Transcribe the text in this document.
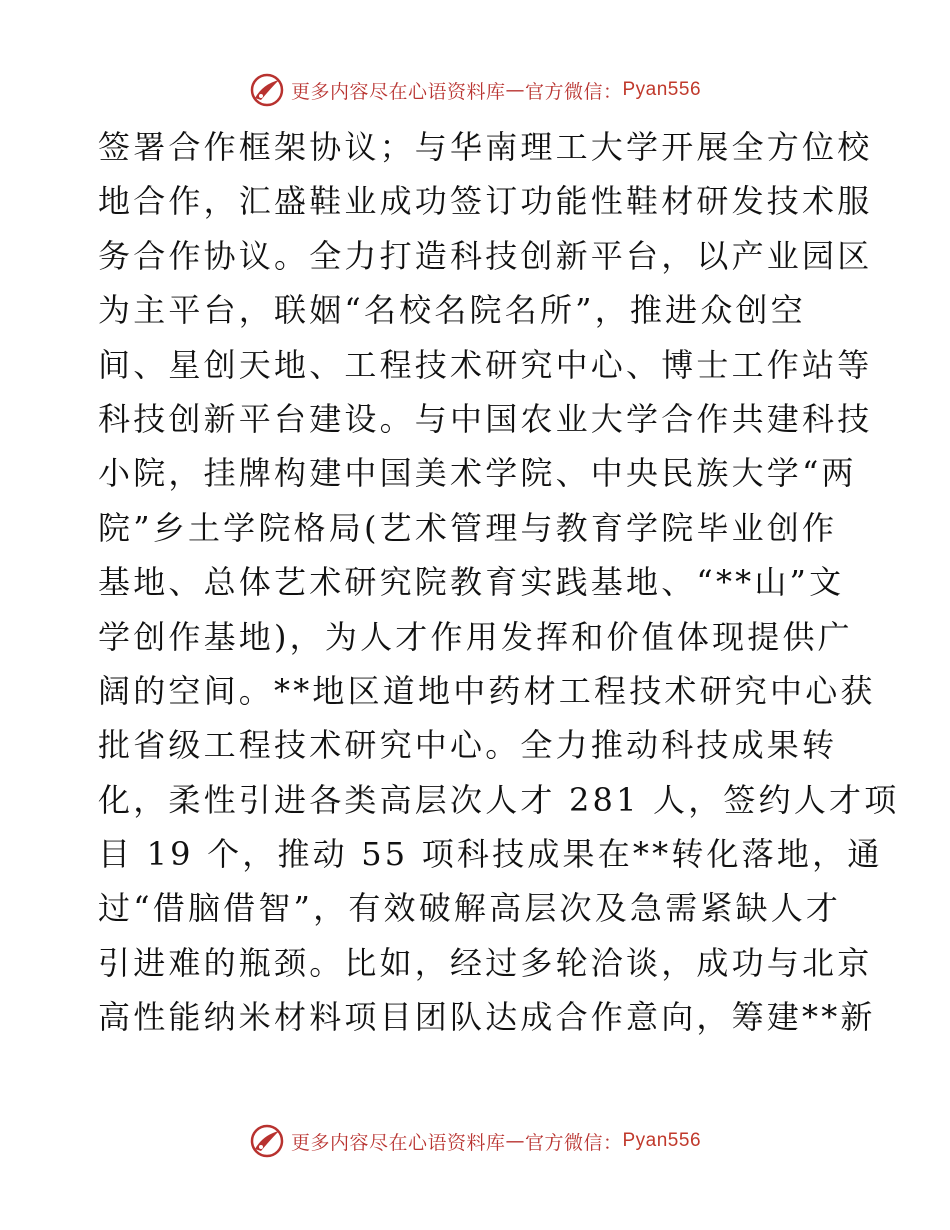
更多内容尽在心语资料库 — 官方微信： Pyan556
签署合作框架协议；与华南理工大学开展全方位校
地合作，汇盛鞋业成功签订功能性鞋材研发技术服
务合作协议。全力打造科技创新平台，以产业园区
为主平台，联姻“名校名院名所”，推进众创空
间、星创天地、工程技术研究中心、博士工作站等
科技创新平台建设。与中国农业大学合作共建科技
小院，挂牌构建中国美术学院、中央民族大学“两
院”乡土学院格局(艺术管理与教育学院毕业创作
基地、总体艺术研究院教育实践基地、“**山”文
学创作基地)，为人才作用发挥和价值体现提供广
阔的空间。**地区道地中药材工程技术研究中心获
批省级工程技术研究中心。全力推动科技成果转
化，柔性引进各类高层次人才 281 人，签约人才项
目 19 个，推动 55 项科技成果在**转化落地，通
过“借脑借智”，有效破解高层次及急需紧缺人才
引进难的瓶颈。比如，经过多轮洽谈，成功与北京
高性能纳米材料项目团队达成合作意向，筹建**新
更多内容尽在心语资料库 — 官方微信： Pyan556
